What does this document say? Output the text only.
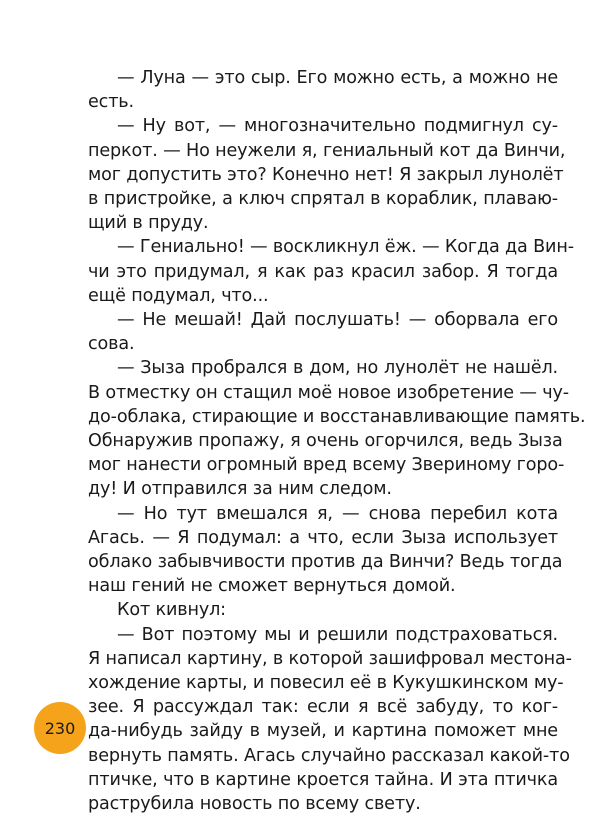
— Луна — это сыр. Его можно есть, а можно не
есть.
— Ну вот, — многозначительно подмигнул су-
перкот. — Но неужели я, гениальный кот да Винчи,
мог допустить это? Конечно нет! Я закрыл лунолёт
в пристройке, а ключ спрятал в кораблик, плаваю-
щий в пруду.
— Гениально! — воскликнул ёж. — Когда да Вин-
чи это придумал, я как раз красил забор. Я тогда
ещё подумал, что...
— Не мешай! Дай послушать! — оборвала его
сова.
— Зыза пробрался в дом, но лунолёт не нашёл.
В отместку он стащил моё новое изобретение — чу-
до-облака, стирающие и восстанавливающие память.
Обнаружив пропажу, я очень огорчился, ведь Зыза
мог нанести огромный вред всему Звериному горо-
ду! И отправился за ним следом.
— Но тут вмешался я, — снова перебил кота
Агась. — Я подумал: а что, если Зыза использует
облако забывчивости против да Винчи? Ведь тогда
наш гений не сможет вернуться домой.
Кот кивнул:
— Вот поэтому мы и решили подстраховаться.
Я написал картину, в которой зашифровал местона-
хождение карты, и повесил её в Кукушкинском му-
зее. Я рассуждал так: если я всё забуду, то ког-
да-нибудь зайду в музей, и картина поможет мне
вернуть память. Агась случайно рассказал какой-то
птичке, что в картине кроется тайна. И эта птичка
раструбила новость по всему свету.
230
